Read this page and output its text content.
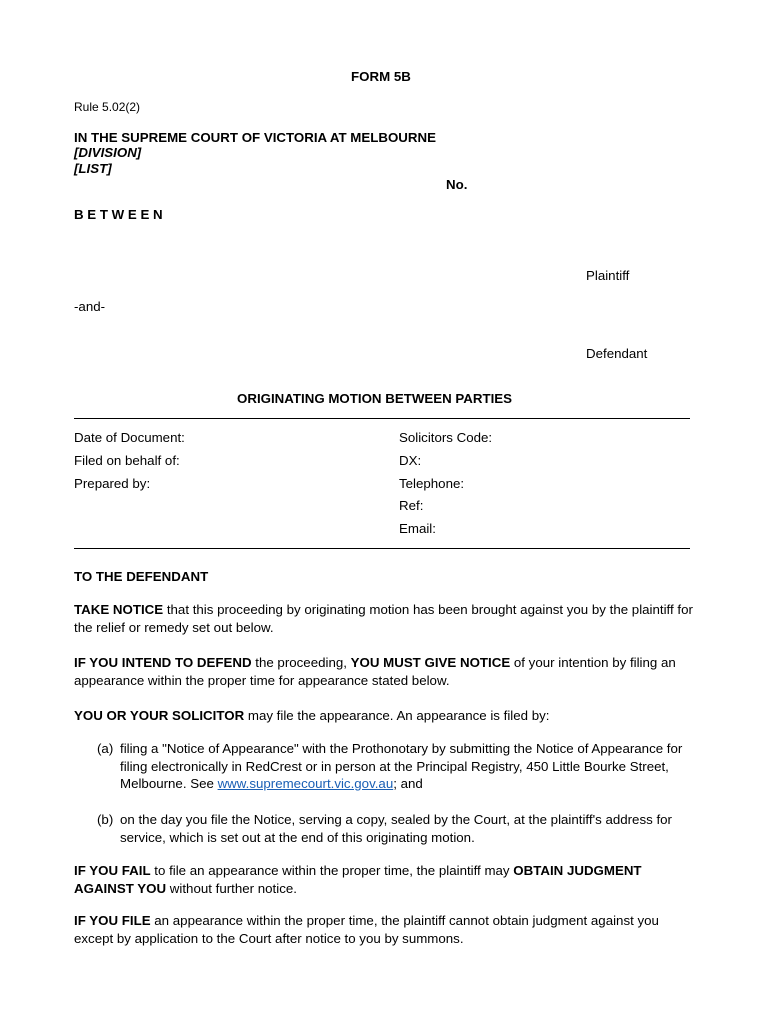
FORM 5B
Rule 5.02(2)
IN THE SUPREME COURT OF VICTORIA AT MELBOURNE
[DIVISION]
[LIST]
No.
B E T W E E N
Plaintiff
-and-
Defendant
ORIGINATING MOTION BETWEEN PARTIES
Date of Document:
Filed on behalf of:
Prepared by:
Solicitors Code:
DX:
Telephone:
Ref:
Email:
TO THE DEFENDANT
TAKE NOTICE that this proceeding by originating motion has been brought against you by the plaintiff for the relief or remedy set out below.
IF YOU INTEND TO DEFEND the proceeding, YOU MUST GIVE NOTICE of your intention by filing an appearance within the proper time for appearance stated below.
YOU OR YOUR SOLICITOR may file the appearance. An appearance is filed by:
(a) filing a "Notice of Appearance" with the Prothonotary by submitting the Notice of Appearance for filing electronically in RedCrest or in person at the Principal Registry, 450 Little Bourke Street, Melbourne. See www.supremecourt.vic.gov.au; and
(b) on the day you file the Notice, serving a copy, sealed by the Court, at the plaintiff's address for service, which is set out at the end of this originating motion.
IF YOU FAIL to file an appearance within the proper time, the plaintiff may OBTAIN JUDGMENT AGAINST YOU without further notice.
IF YOU FILE an appearance within the proper time, the plaintiff cannot obtain judgment against you except by application to the Court after notice to you by summons.
